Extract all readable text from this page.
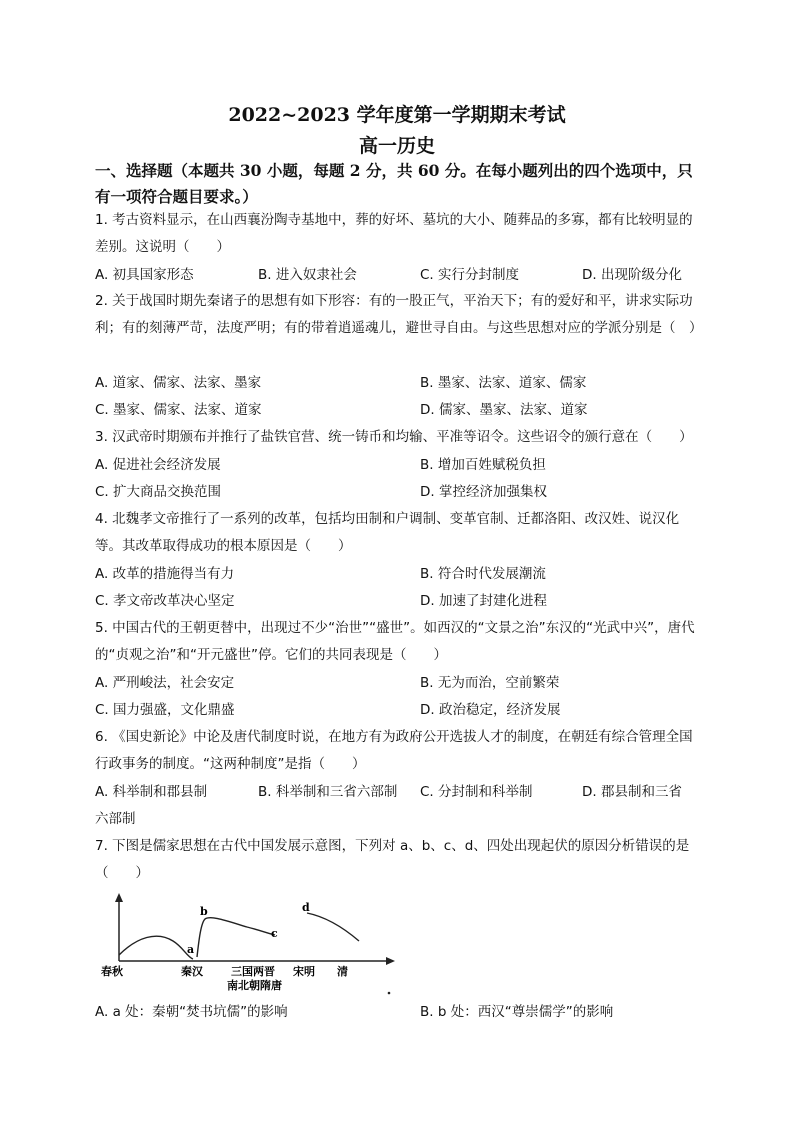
2022~2023 学年度第一学期期末考试
高一历史
一、选择题（本题共 30 小题，每题 2 分，共 60 分。在每小题列出的四个选项中，只有一项符合题目要求。）
1. 考古资料显示，在山西襄汾陶寺基地中，葬的好坏、墓坑的大小、随葬品的多寡，都有比较明显的差别。这说明（　　）
A. 初具国家形态	B. 进入奴隶社会	C. 实行分封制度	D. 出现阶级分化
2. 关于战国时期先秦诸子的思想有如下形容：有的一股正气，平治天下；有的爱好和平，讲求实际功利；有的刻薄严苛，法度严明；有的带着逍遥魂儿，避世寻自由。与这些思想对应的学派分别是（　）
A. 道家、儒家、法家、墨家	B. 墨家、法家、道家、儒家
C. 墨家、儒家、法家、道家	D. 儒家、墨家、法家、道家
3. 汉武帝时期颁布并推行了盐铁官营、统一铸币和均输、平准等诏令。这些诏令的颁行意在（　　）
A. 促进社会经济发展	B. 增加百姓赋税负担
C. 扩大商品交换范围	D. 掌控经济加强集权
4. 北魏孝文帝推行了一系列的改革，包括均田制和户调制、变革官制、迁都洛阳、改汉姓、说汉化等。其改革取得成功的根本原因是（　　）
A. 改革的措施得当有力	B. 符合时代发展潮流
C. 孝文帝改革决心坚定	D. 加速了封建化进程
5. 中国古代的王朝更替中，出现过不少“治世”“盛世”。如西汉的“文景之治”东汉的“光武中兴”，唐代的“贞观之治”和“开元盛世”停。它们的共同表现是（　　）
A. 严刑峻法，社会安定	B. 无为而治，空前繁荣
C. 国力强盛，文化鼎盛	D. 政治稳定，经济发展
6. 《国史新论》中论及唐代制度时说，在地方有为政府公开选拔人才的制度，在朝廷有综合管理全国行政事务的制度。“这两种制度”是指（　　）
A. 科举制和郡县制	B. 科举制和三省六部制 C. 分封制和科举制	D. 郡县制和三省
六部制
7. 下图是儒家思想在古代中国发展示意图，下列对 a、b、c、d、四处出现起伏的原因分析错误的是（　　）
a
b
c
d
春秋	秦汉	三国两晋 宋明 清
南北朝隋唐
A. a 处：秦朝“焚书坑儒”的影响	B. b 处：西汉“尊崇儒学”的影响
